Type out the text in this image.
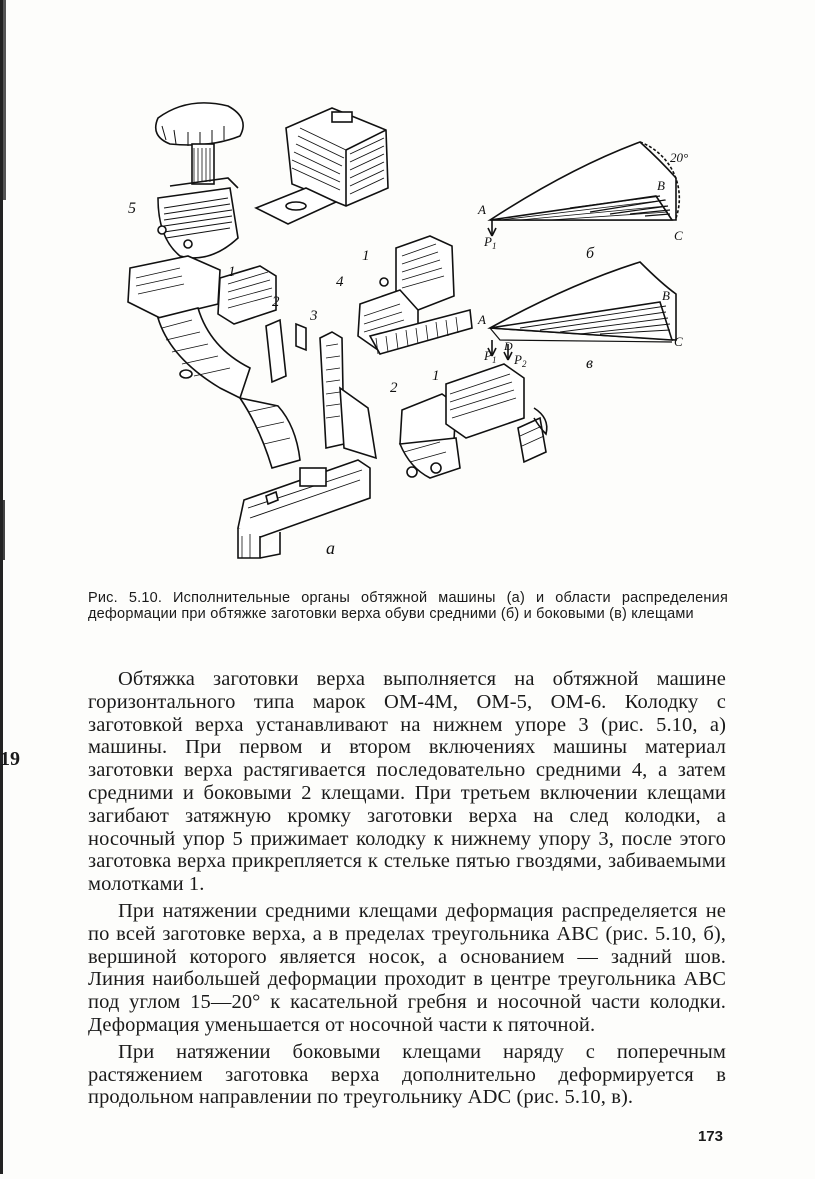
19
5
1
2
3
1
4
2
1
а
20°
A
B
C
$P_1$	б
A
B
C
D
$P_1$ $P_2$	в
Рис. 5.10. Исполнительные органы обтяжной машины (а) и области распределения деформации при обтяжке заготовки верха обуви средними (б) и боковыми (в) клещами

Обтяжка заготовки верха выполняется на обтяжной машине горизонтального типа марок ОМ-4М, ОМ-5, ОМ-6. Колодку с заготовкой верха устанавливают на нижнем упоре 3 (рис. 5.10, а) машины. При первом и втором включениях машины материал заготовки верха растягивается последовательно средними 4, а затем средними и боковыми 2 клещами. При третьем включении клещами загибают затяжную кромку заготовки верха на след колодки, а носочный упор 5 прижимает колодку к нижнему упору 3, после этого заготовка верха прикрепляется к стельке пятью гвоздями, забиваемыми молотками 1.

При натяжении средними клещами деформация распределяется не по всей заготовке верха, а в пределах треугольника ABC (рис. 5.10, б), вершиной которого является носок, а основанием — задний шов. Линия наибольшей деформации проходит в центре треугольника ABC под углом 15—20° к касательной гребня и носочной части колодки. Деформация уменьшается от носочной части к пяточной.

При натяжении боковыми клещами наряду с поперечным растяжением заготовка верха дополнительно деформируется в продольном направлении по треугольнику ADC (рис. 5.10, в).

173
